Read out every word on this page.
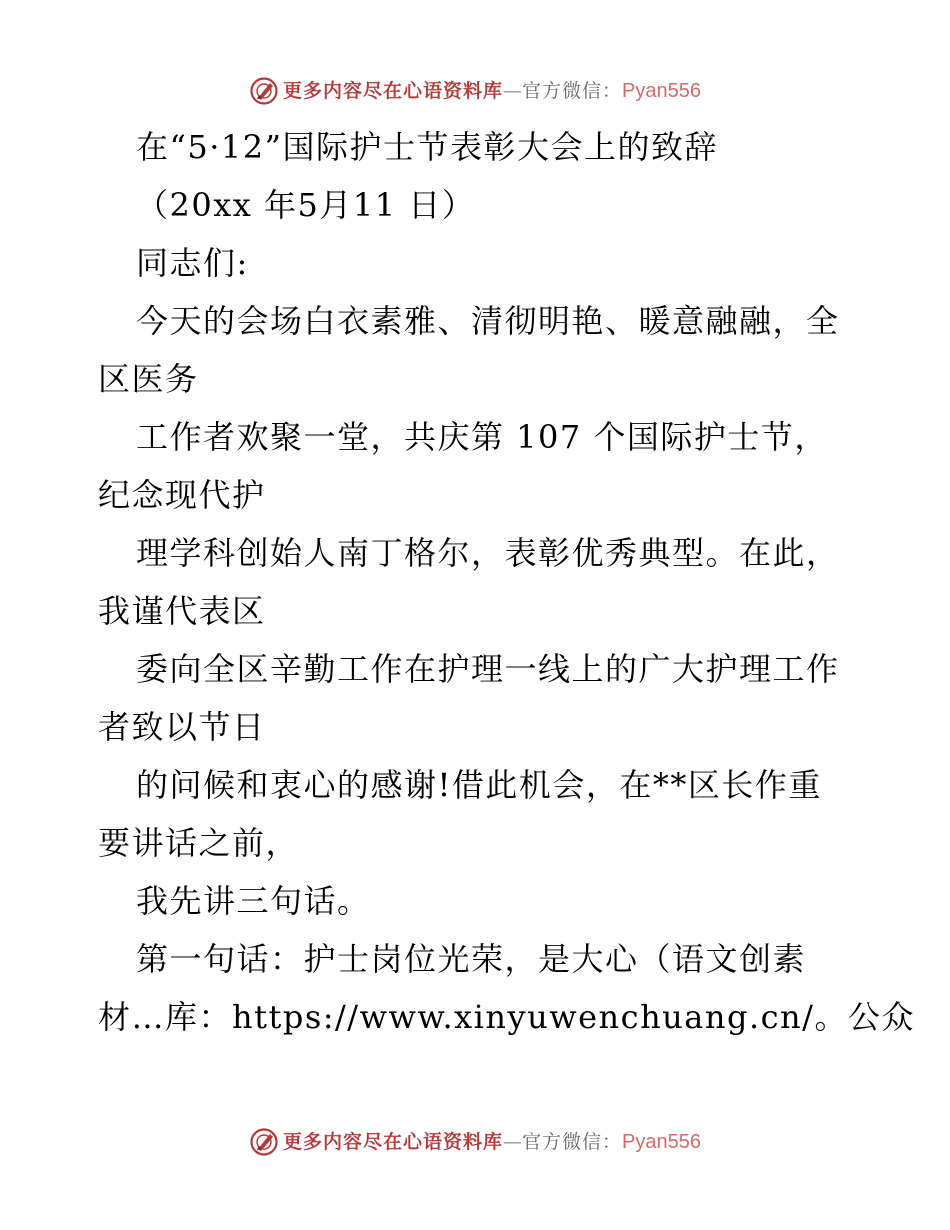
更多内容尽在心语资料库 — 官方微信： Pyan556
在“5·12”国际护士节表彰大会上的致辞
（20xx 年5月11 日）
同志们:
今天的会场白衣素雅、清彻明艳、暖意融融，全
区医务
工作者欢聚一堂，共庆第 107 个国际护士节，
纪念现代护
理学科创始人南丁格尔，表彰优秀典型。在此，
我谨代表区
委向全区辛勤工作在护理一线上的广大护理工作
者致以节日
的问候和衷心的感谢!借此机会，在**区长作重
要讲话之前，
我先讲三句话。
第一句话：护士岗位光荣，是大心（语文创素
材…库：https://www.xinyuwenchuang.cn/。公众
更多内容尽在心语资料库 — 官方微信： Pyan556
